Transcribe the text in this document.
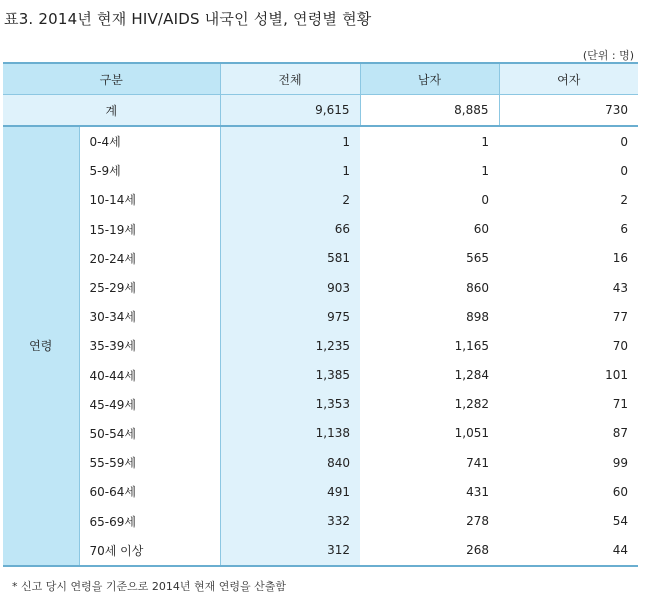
표3. 2014년 현재 HIV/AIDS 내국인 성별, 연령별 현황
(단위 : 명)
구분		전체	남자	여자
계		9,615	8,885	730
연령	0-4세	1	1	0
	5-9세	1	1	0
	10-14세	2	0	2
	15-19세	66	60	6
	20-24세	581	565	16
	25-29세	903	860	43
	30-34세	975	898	77
	35-39세	1,235	1,165	70
	40-44세	1,385	1,284	101
	45-49세	1,353	1,282	71
	50-54세	1,138	1,051	87
	55-59세	840	741	99
	60-64세	491	431	60
	65-69세	332	278	54
	70세 이상	312	268	44
* 신고 당시 연령을 기준으로 2014년 현재 연령을 산출함
